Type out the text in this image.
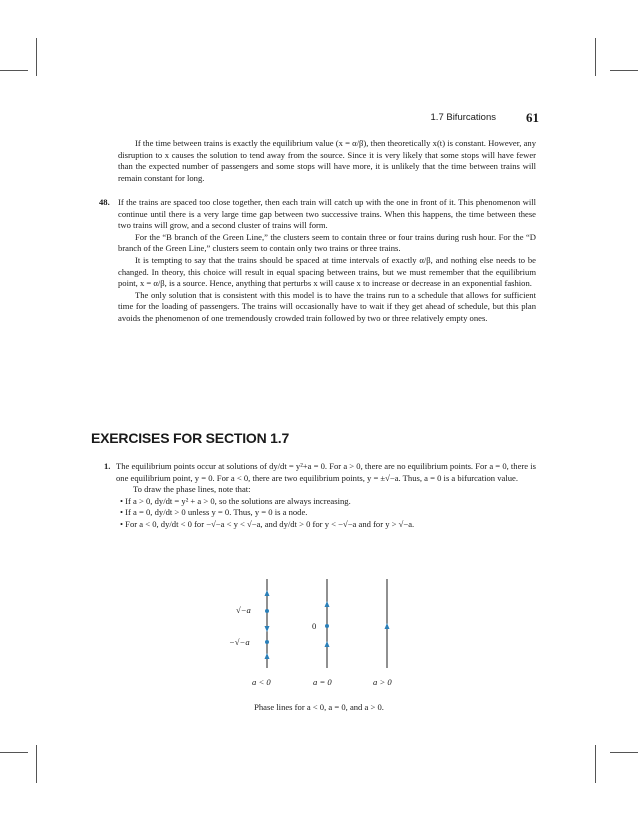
1.7 Bifurcations 61

If the time between trains is exactly the equilibrium value (x = α/β), then theoretically x(t) is constant. However, any disruption to x causes the solution to tend away from the source. Since it is very likely that some stops will have fewer than the expected number of passengers and some stops will have more, it is unlikely that the time between trains will remain constant for long.

48. If the trains are spaced too close together, then each train will catch up with the one in front of it. This phenomenon will continue until there is a very large time gap between two successive trains. When this happens, the time between these two trains will grow, and a second cluster of trains will form.

For the “B branch of the Green Line,” the clusters seem to contain three or four trains during rush hour. For the “D branch of the Green Line,” clusters seem to contain only two trains or three trains.

It is tempting to say that the trains should be spaced at time intervals of exactly α/β, and nothing else needs to be changed. In theory, this choice will result in equal spacing between trains, but we must remember that the equilibrium point, x = α/β, is a source. Hence, anything that perturbs x will cause x to increase or decrease in an exponential fashion.

The only solution that is consistent with this model is to have the trains run to a schedule that allows for sufficient time for the loading of passengers. The trains will occasionally have to wait if they get ahead of schedule, but this plan avoids the phenomenon of one tremendously crowded train followed by two or three relatively empty ones.

EXERCISES FOR SECTION 1.7

1. The equilibrium points occur at solutions of dy/dt = y²+a = 0. For a > 0, there are no equilibrium points. For a = 0, there is one equilibrium point, y = 0. For a < 0, there are two equilibrium points, y = ±√−a. Thus, a = 0 is a bifurcation value.

To draw the phase lines, note that:

• If a > 0, dy/dt = y² + a > 0, so the solutions are always increasing.
• If a = 0, dy/dt > 0 unless y = 0. Thus, y = 0 is a node.
• For a < 0, dy/dt < 0 for −√−a < y < √−a, and dy/dt > 0 for y < −√−a and for y > √−a.
√−a
−√−a
0
a < 0	a = 0	a > 0
Phase lines for a < 0, a = 0, and a > 0.
